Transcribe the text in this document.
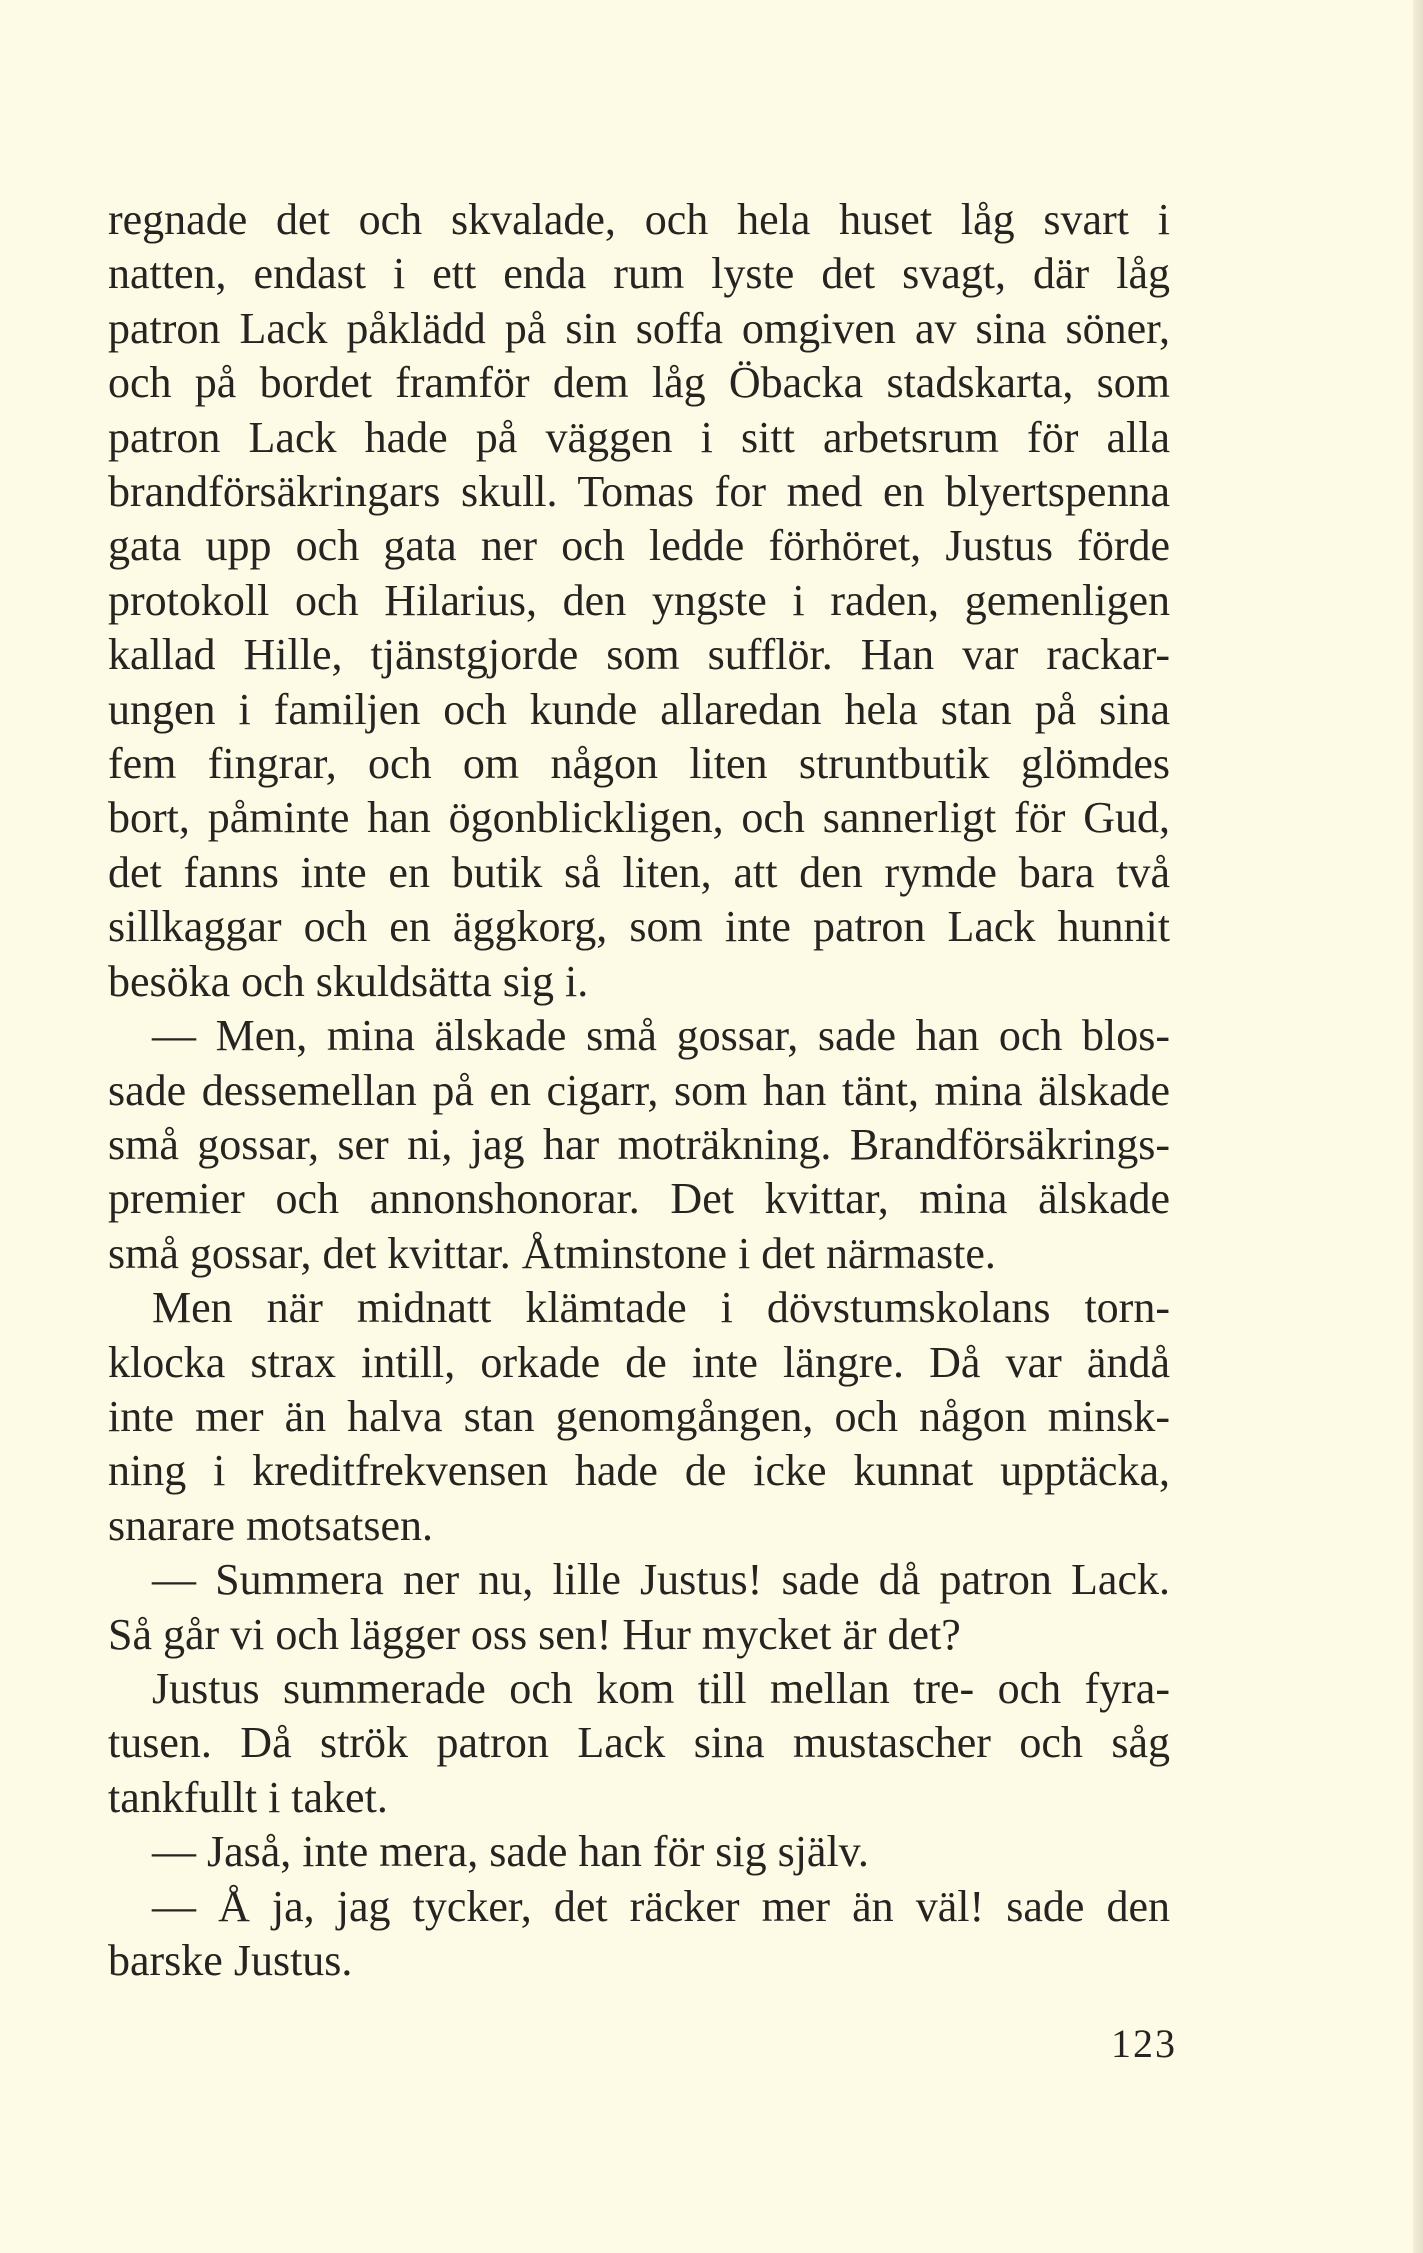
regnade det och skvalade, och hela huset låg svart i
natten, endast i ett enda rum lyste det svagt, där låg
patron Lack påklädd på sin soffa omgiven av sina söner,
och på bordet framför dem låg Öbacka stadskarta, som
patron Lack hade på väggen i sitt arbetsrum för alla
brandförsäkringars skull. Tomas for med en blyertspenna
gata upp och gata ner och ledde förhöret, Justus förde
protokoll och Hilarius, den yngste i raden, gemenligen
kallad Hille, tjänstgjorde som sufflör. Han var rackar-
ungen i familjen och kunde allaredan hela stan på sina
fem fingrar, och om någon liten struntbutik glömdes
bort, påminte han ögonblickligen, och sannerligt för Gud,
det fanns inte en butik så liten, att den rymde bara två
sillkaggar och en äggkorg, som inte patron Lack hunnit
besöka och skuldsätta sig i.
— Men, mina älskade små gossar, sade han och blos-
sade dessemellan på en cigarr, som han tänt, mina älskade
små gossar, ser ni, jag har moträkning. Brandförsäkrings-
premier och annonshonorar. Det kvittar, mina älskade
små gossar, det kvittar. Åtminstone i det närmaste.
Men när midnatt klämtade i dövstumskolans torn-
klocka strax intill, orkade de inte längre. Då var ändå
inte mer än halva stan genomgången, och någon minsk-
ning i kreditfrekvensen hade de icke kunnat upptäcka,
snarare motsatsen.
— Summera ner nu, lille Justus! sade då patron Lack.
Så går vi och lägger oss sen! Hur mycket är det?
Justus summerade och kom till mellan tre- och fyra-
tusen. Då strök patron Lack sina mustascher och såg
tankfullt i taket.
— Jaså, inte mera, sade han för sig själv.
— Å ja, jag tycker, det räcker mer än väl! sade den
barske Justus.
123
